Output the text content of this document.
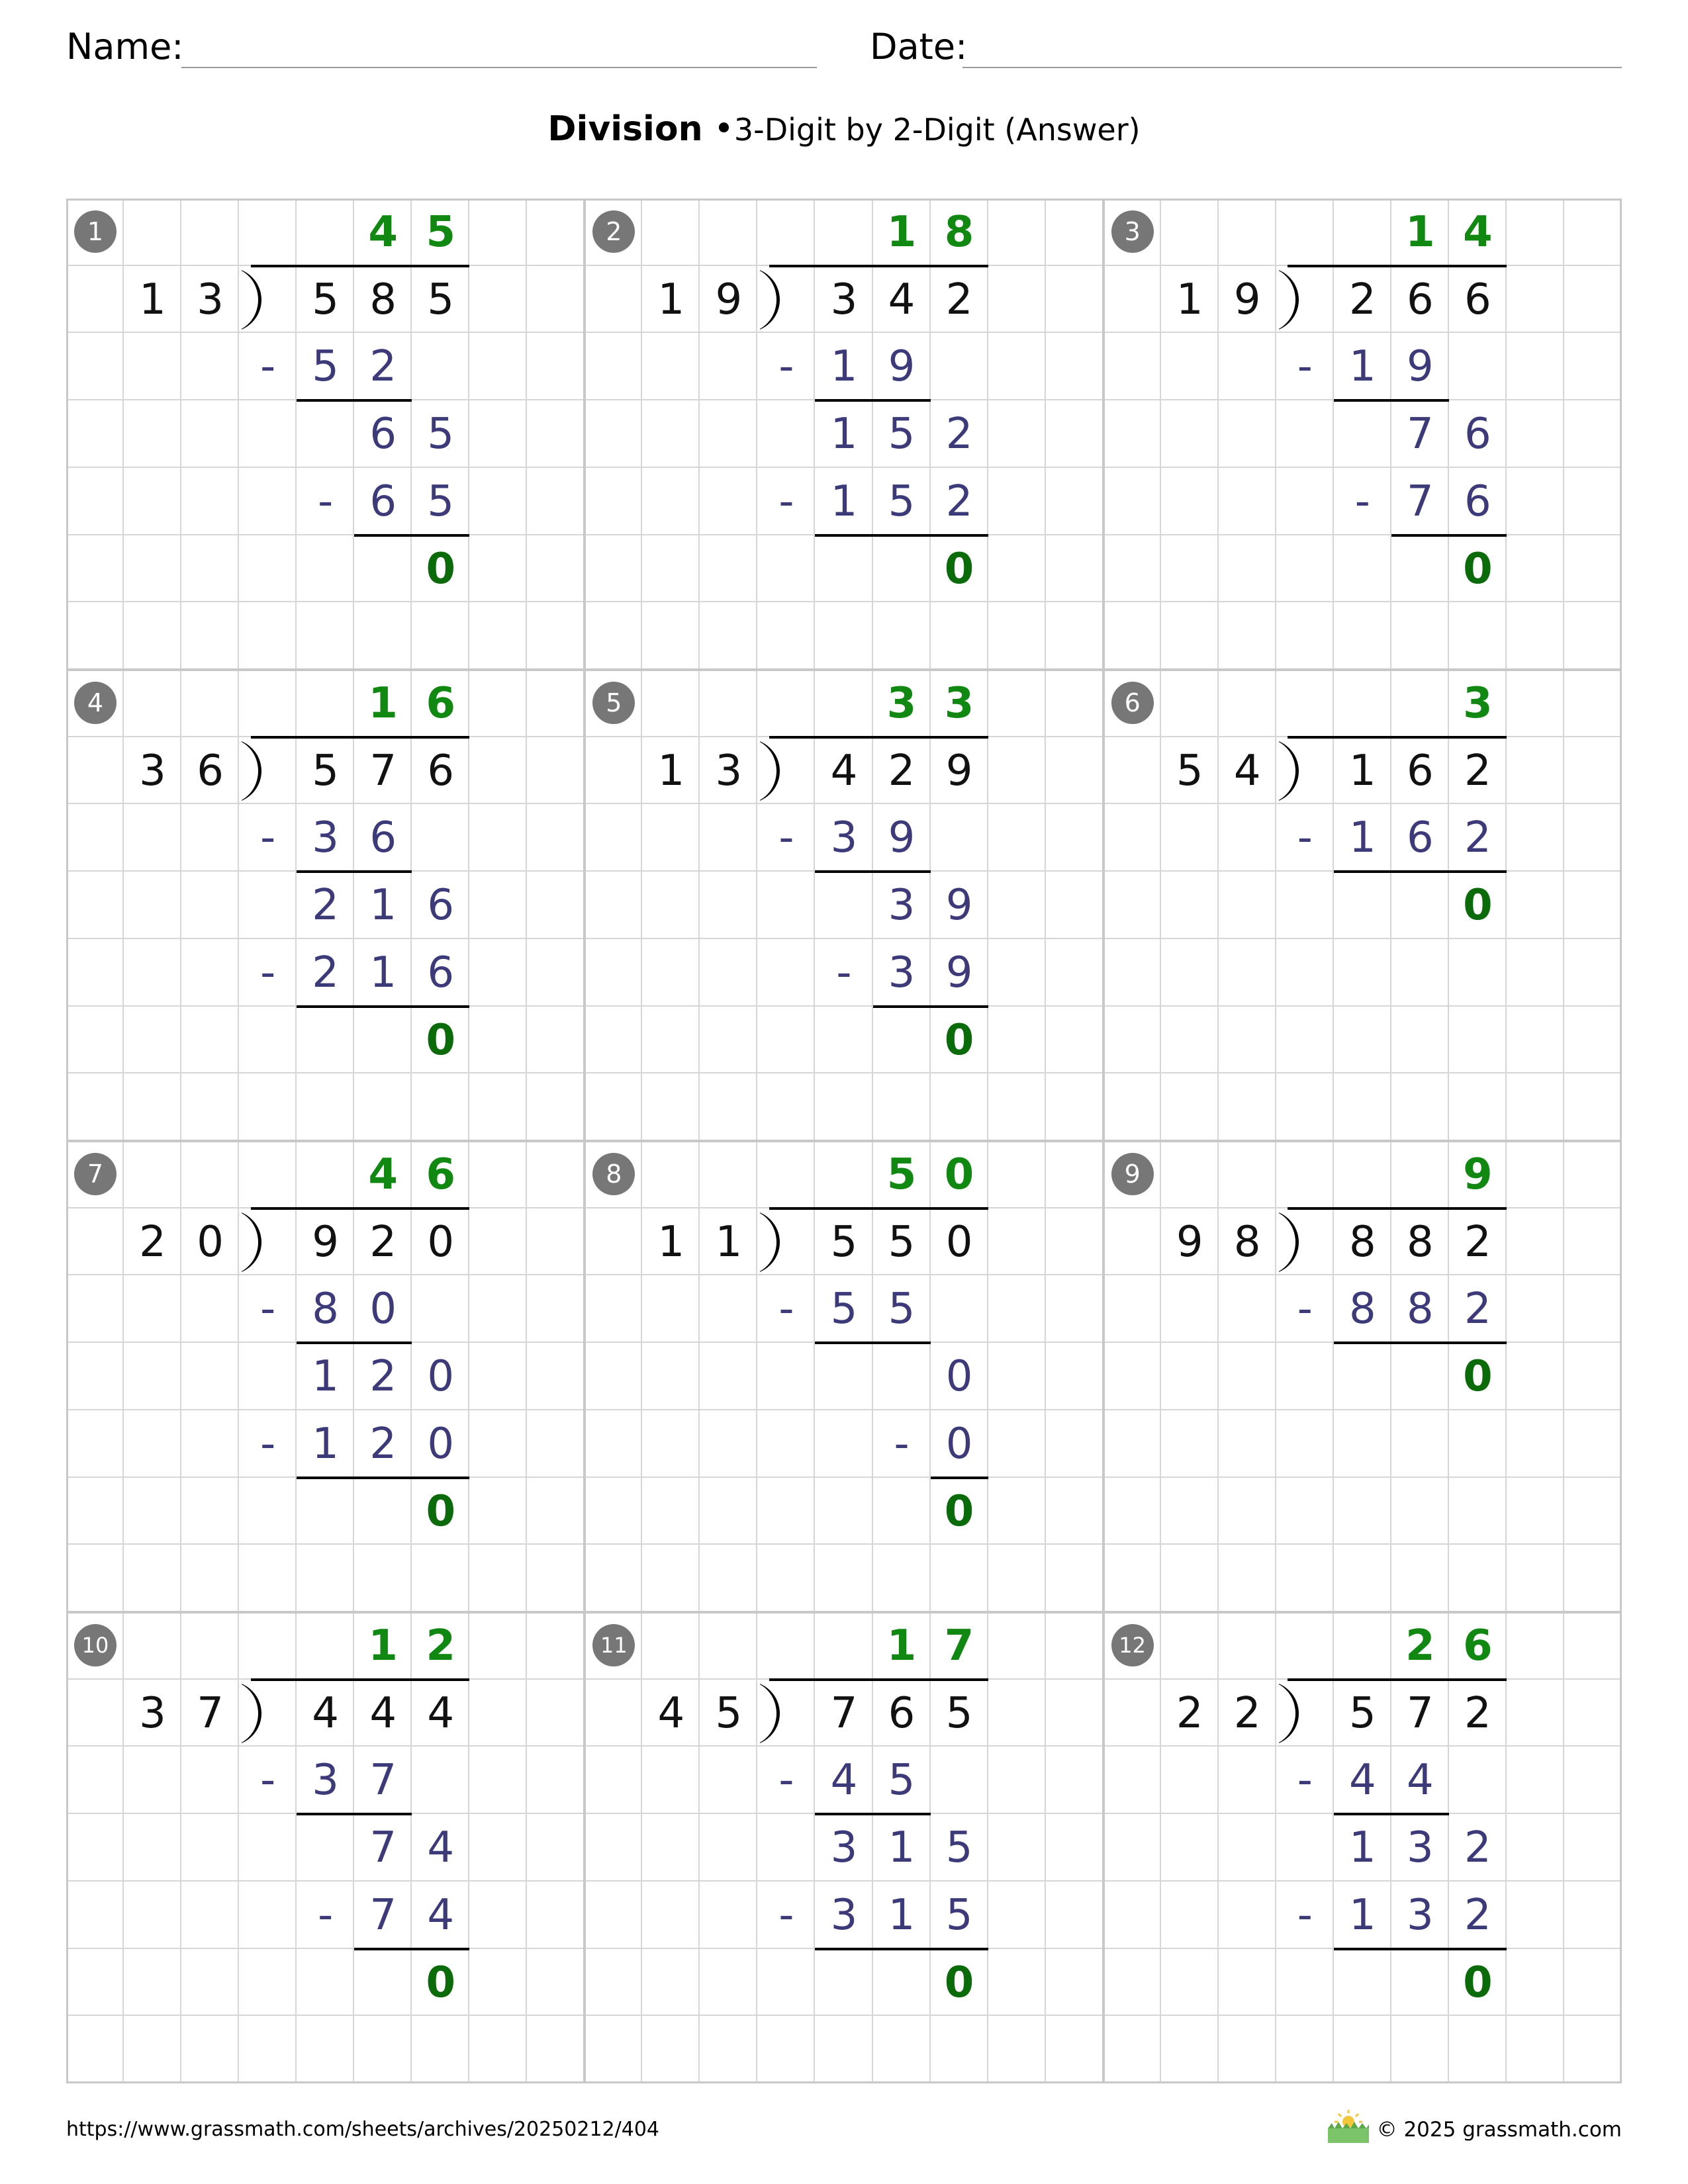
Name:	Date:
Division •3-Digit by 2-Digit (Answer)
1	4 5
1 3	5 8 5
5 2
-
6 5
6 5
-
0
2	1 8
1 9	3 4 2
1 9
-
1 5 2
1 5 2
-
0
3	1 4
1 9	2 6 6
1 9
-
7 6
7 6
-
0
4	1 6
3 6	5 7 6
3 6
-
2 1 6
2 1 6
-
0
5	3 3
1 3	4 2 9
3 9
-
3 9
3 9
-
0
6	3
5 4	1 6 2
1 6 2
-
0
7	4 6
2 0	9 2 0
8 0
-
1 2 0
1 2 0
-
0
8	5 0
1 1	5 5 0
5 5
-
0
0
-
0
9	9
9 8	8 8 2
8 8 2
-
0
10	1 2
3 7	4 4 4
3 7
-
7 4
7 4
-
0
11	1 7
4 5	7 6 5
4 5
-
3 1 5
3 1 5
-
0
12	2 6
2 2	5 7 2
4 4
-
1 3 2
1 3 2
-
0
https://www.grassmath.com/sheets/archives/20250212/404	© 2025 grassmath.com
